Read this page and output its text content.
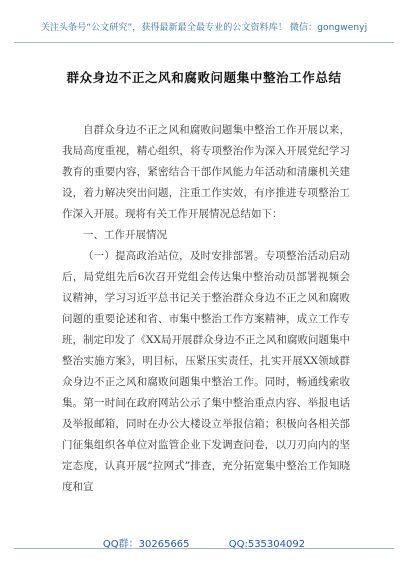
关注头条号“公文研究”，获得最新最全最专业的公文资料库！ 微信：gongwenyj
群众身边不正之风和腐败问题集中整治工作总结

自群众身边不正之风和腐败问题集中整治工作开展以来，我局高度重视，精心组织，将专项整治作为深入开展党纪学习教育的重要内容，紧密结合干部作风能力年活动和清廉机关建设，着力解决突出问题，注重工作实效，有序推进专项整治工作深入开展。现将有关工作开展情况总结如下：

一、工作开展情况

（一）提高政治站位，及时安排部署。专项整治活动启动后，局党组先后6次召开党组会传达集中整治动员部署视频会议精神，学习习近平总书记关于整治群众身边不正之风和腐败问题的重要论述和省、市集中整治工作方案精神，成立工作专班，制定印发了《XX局开展群众身边不正之风和腐败问题集中整治实施方案》，明目标，压紧压实责任，扎实开展XX领域群众身边不正之风和腐败问题集中整治工作。同时，畅通线索收集。第一时间在政府网站公示了集中整治重点内容、举报电话及举报邮箱，同时在办公大楼设立举报信箱；积极向各相关部门征集组织各单位对监管企业下发调查问卷，以刀刃向内的坚定态度，认真开展“拉网式”排查，充分拓宽集中整治工作知晓度和宣

QQ群：30265665	QQ:535304092
